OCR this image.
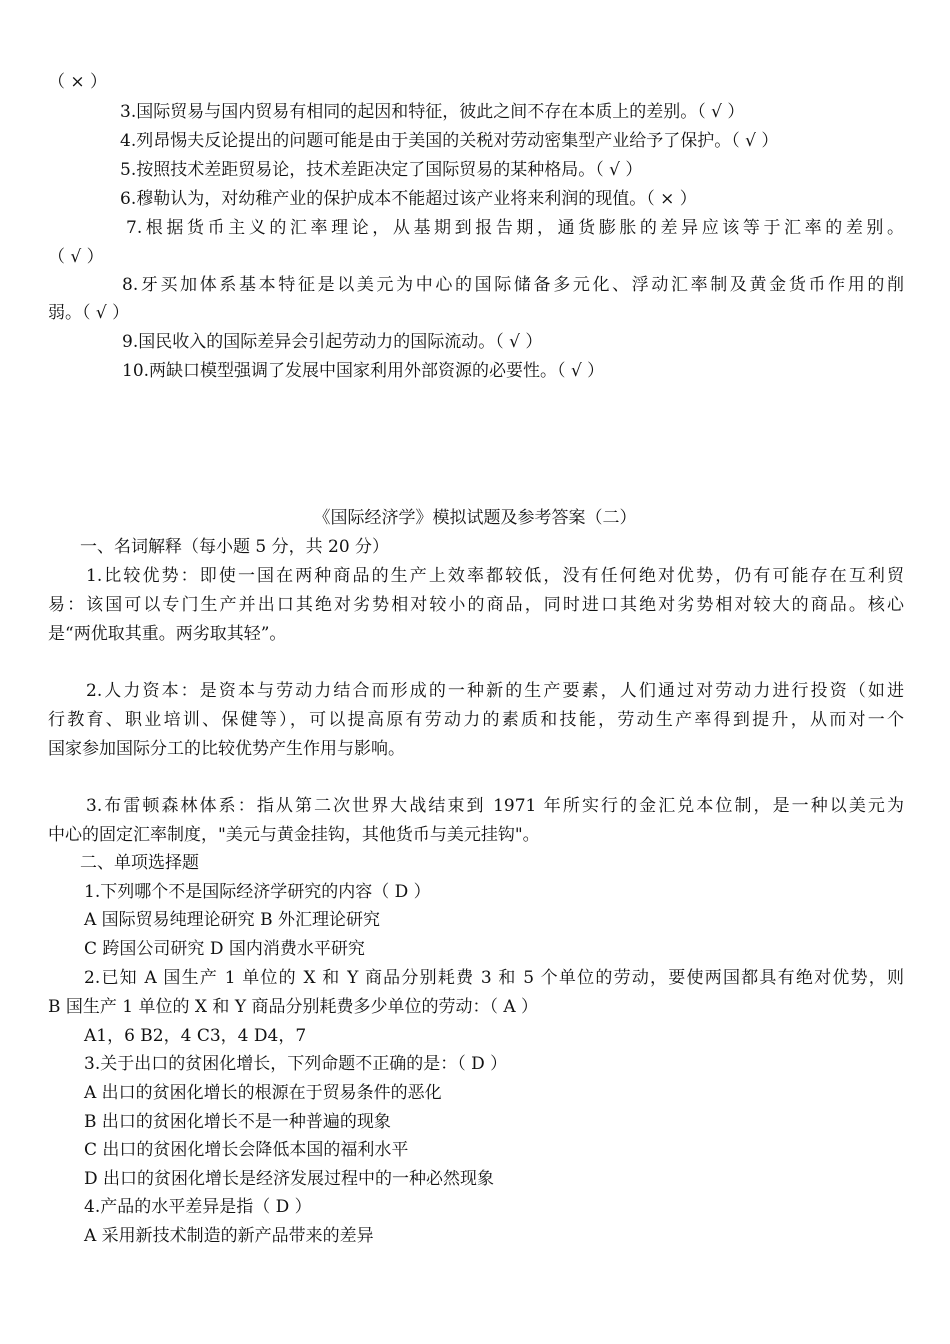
（ × ）

3.国际贸易与国内贸易有相同的起因和特征，彼此之间不存在本质上的差别。（ √ ）

4.列昂惕夫反论提出的问题可能是由于美国的关税对劳动密集型产业给予了保护。（ √ ）

5.按照技术差距贸易论，技术差距决定了国际贸易的某种格局。（ √ ）

6.穆勒认为，对幼稚产业的保护成本不能超过该产业将来利润的现值。（ × ）

7.根据货币主义的汇率理论，从基期到报告期，通货膨胀的差异应该等于汇率的差别。

（ √ ）

8.牙买加体系基本特征是以美元为中心的国际储备多元化、浮动汇率制及黄金货币作用的削

弱。（ √ ）

9.国民收入的国际差异会引起劳动力的国际流动。（ √ ）

10.两缺口模型强调了发展中国家利用外部资源的必要性。（ √ ）

《国际经济学》模拟试题及参考答案（二）

一、名词解释（每小题 5 分，共 20 分）

1.比较优势：即使一国在两种商品的生产上效率都较低，没有任何绝对优势，仍有可能存在互利贸

易：该国可以专门生产并出口其绝对劣势相对较小的商品，同时进口其绝对劣势相对较大的商品。核心

是“两优取其重。两劣取其轻”。

2.人力资本：是资本与劳动力结合而形成的一种新的生产要素，人们通过对劳动力进行投资（如进

行教育、职业培训、保健等），可以提高原有劳动力的素质和技能，劳动生产率得到提升，从而对一个

国家参加国际分工的比较优势产生作用与影响。

3.布雷顿森林体系：指从第二次世界大战结束到 1971 年所实行的金汇兑本位制，是一种以美元为

中心的固定汇率制度，"美元与黄金挂钩，其他货币与美元挂钩"。

二、单项选择题

1.下列哪个不是国际经济学研究的内容（ D ）

A 国际贸易纯理论研究 B 外汇理论研究

C 跨国公司研究 D 国内消费水平研究

2.已知 A 国生产 1 单位的 X 和 Y 商品分别耗费 3 和 5 个单位的劳动，要使两国都具有绝对优势，则

B 国生产 1 单位的 X 和 Y 商品分别耗费多少单位的劳动：（ A ）

A1，6 B2，4 C3，4 D4，7

3.关于出口的贫困化增长，下列命题不正确的是：（ D ）

A 出口的贫困化增长的根源在于贸易条件的恶化

B 出口的贫困化增长不是一种普遍的现象

C 出口的贫困化增长会降低本国的福利水平

D 出口的贫困化增长是经济发展过程中的一种必然现象

4.产品的水平差异是指（ D ）

A 采用新技术制造的新产品带来的差异
